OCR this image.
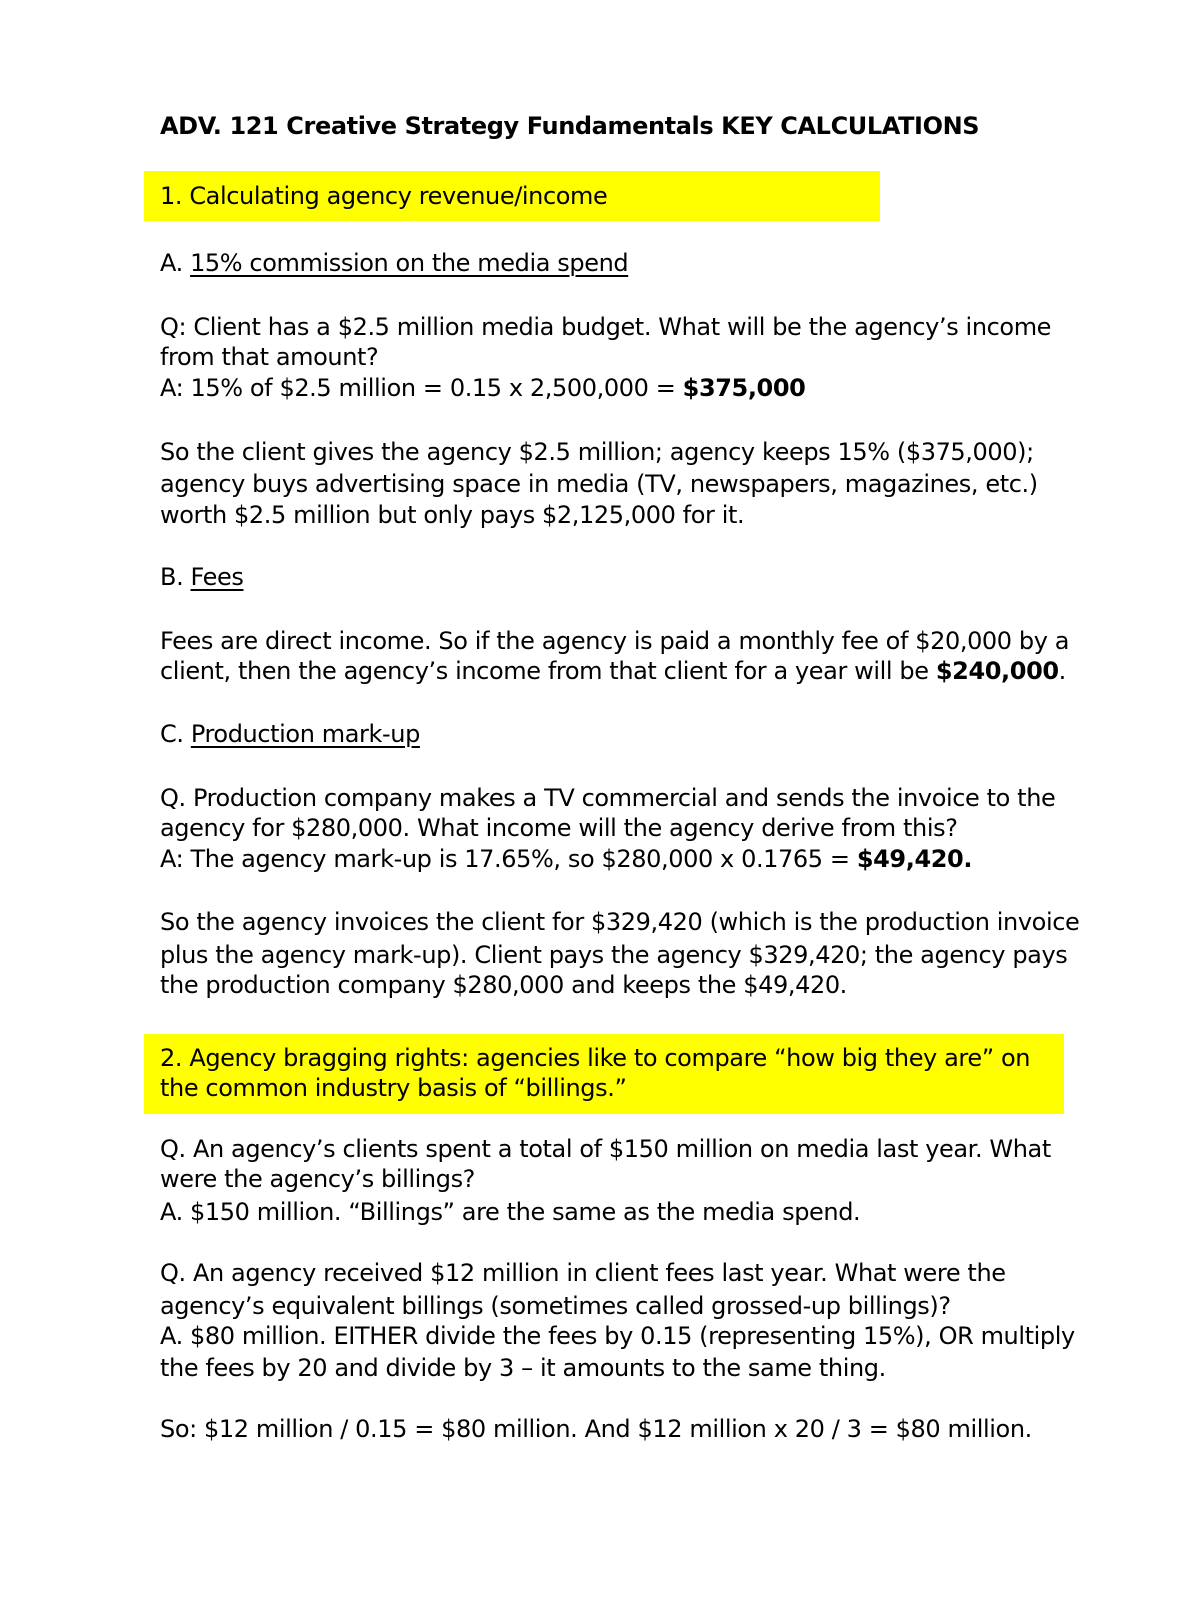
ADV. 121 Creative Strategy Fundamentals KEY CALCULATIONS
1. Calculating agency revenue/income
A. 15% commission on the media spend
Q: Client has a $2.5 million media budget. What will be the agency’s income
from that amount?
A: 15% of $2.5 million = 0.15 x 2,500,000 = $375,000
So the client gives the agency $2.5 million; agency keeps 15% ($375,000);
agency buys advertising space in media (TV, newspapers, magazines, etc.)
worth $2.5 million but only pays $2,125,000 for it.
B. Fees
Fees are direct income. So if the agency is paid a monthly fee of $20,000 by a
client, then the agency’s income from that client for a year will be $240,000.
C. Production mark-up
Q. Production company makes a TV commercial and sends the invoice to the
agency for $280,000. What income will the agency derive from this?
A: The agency mark-up is 17.65%, so $280,000 x 0.1765 = $49,420.
So the agency invoices the client for $329,420 (which is the production invoice
plus the agency mark-up). Client pays the agency $329,420; the agency pays
the production company $280,000 and keeps the $49,420.
2. Agency bragging rights: agencies like to compare “how big they are” on
the common industry basis of “billings.”
Q. An agency’s clients spent a total of $150 million on media last year. What
were the agency’s billings?
A. $150 million. “Billings” are the same as the media spend.
Q. An agency received $12 million in client fees last year. What were the
agency’s equivalent billings (sometimes called grossed-up billings)?
A. $80 million. EITHER divide the fees by 0.15 (representing 15%), OR multiply
the fees by 20 and divide by 3 – it amounts to the same thing.
So: $12 million / 0.15 = $80 million. And $12 million x 20 / 3 = $80 million.
